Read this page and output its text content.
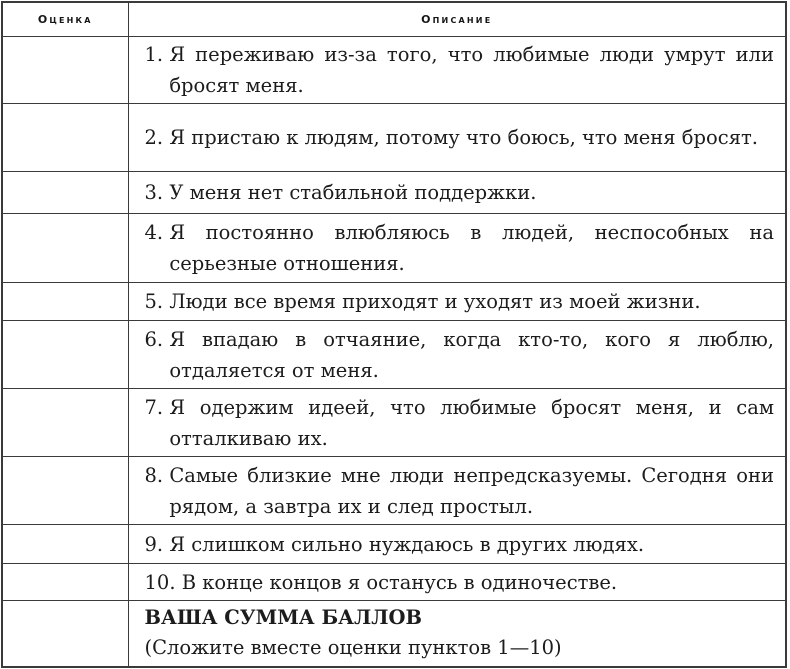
Оценка	Описание

	1. Я переживаю из-за того, что любимые люди умрут или бросят меня.

	2. Я пристаю к людям, потому что боюсь, что меня бросят.

	3. У меня нет стабильной поддержки.

	4. Я постоянно влюбляюсь в людей, неспособных на серьезные отношения.

	5. Люди все время приходят и уходят из моей жизни.

	6. Я впадаю в отчаяние, когда кто-то, кого я люблю, отдаляется от меня.

	7. Я одержим идеей, что любимые бросят меня, и сам отталкиваю их.

	8. Самые близкие мне люди непредсказуемы. Сегодня они рядом, а завтра их и след простыл.

	9. Я слишком сильно нуждаюсь в других людях.

	10. В конце концов я останусь в одиночестве.

	ВАША СУММА БАЛЛОВ
(Сложите вместе оценки пунктов 1—10)
